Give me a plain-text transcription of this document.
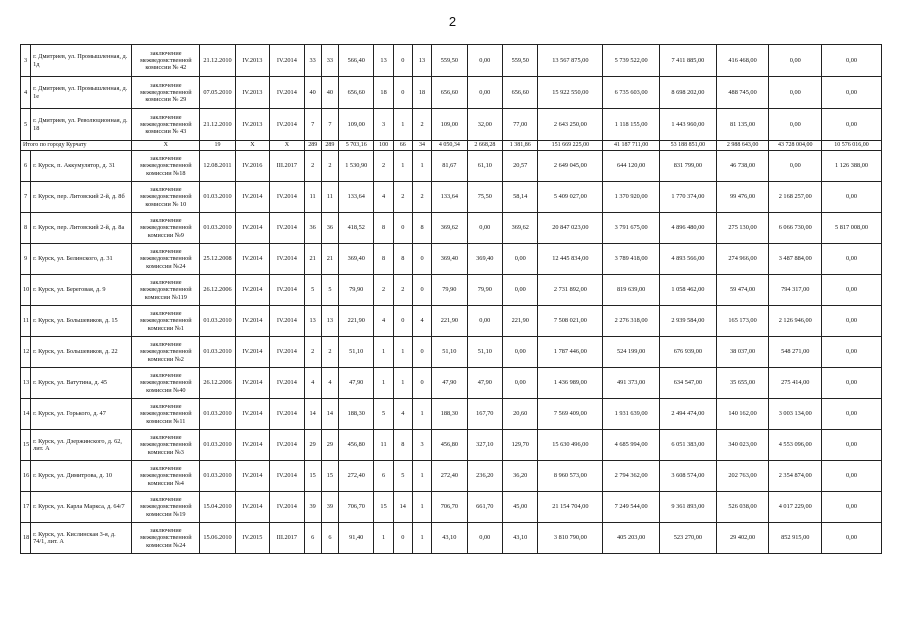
2
3	г. Дмитриев, ул. Промышленная, д. 1д	заключение межведомственной комиссии № 42	21.12.2010	IV.2013	IV.2014	33	33	566,40	13	0	13	559,50	0,00	559,50	13 567 875,00	5 739 522,00	7 411 885,00	416 468,00	0,00	0,00
4	г. Дмитриев, ул. Промышленная, д. 1е	заключение межведомственной комиссии № 29	07.05.2010	IV.2013	IV.2014	40	40	656,60	18	0	18	656,60	0,00	656,60	15 922 550,00	6 735 603,00	8 698 202,00	488 745,00	0,00	0,00
5	г. Дмитриев, ул. Революционная, д. 18	заключение межведомственной комиссии № 43	21.12.2010	IV.2013	IV.2014	7	7	109,00	3	1	2	109,00	32,00	77,00	2 643 250,00	1 118 155,00	1 443 960,00	81 135,00	0,00	0,00
Итого по городу Курчату		X	19	X	X	289	289	5 703,16	100	66	34	4 050,34	2 668,28	1 381,86	151 669 225,00	41 187 711,00	53 188 851,00	2 988 643,00	43 728 004,00	10 576 016,00
6	г. Курск, п. Аккумулятор, д. 31	заключение межведомственной комиссии №18	12.08.2011	IV.2016	III.2017	2	2	1 530,90	2	1	1	81,67	61,10	20,57	2 649 045,00	644 120,00	831 799,00	46 738,00	0,00	1 126 388,00
7	г. Курск, пер. Литовский 2-й, д. 8б	заключение межведомственной комиссии № 10	01.03.2010	IV.2014	IV.2014	11	11	133,64	4	2	2	133,64	75,50	58,14	5 409 027,00	1 370 920,00	1 770 374,00	99 476,00	2 168 257,00	0,00
8	г. Курск, пер. Литовский 2-й, д. 8а	заключение межведомственной комиссии №9	01.03.2010	IV.2014	IV.2014	36	36	418,52	8	0	8	369,62	0,00	369,62	20 847 023,00	3 791 675,00	4 896 480,00	275 130,00	6 066 730,00	5 817 008,00
9	г. Курск, ул. Белинского, д. 31	заключение межведомственной комиссии №24	25.12.2008	IV.2014	IV.2014	21	21	369,40	8	8	0	369,40	369,40	0,00	12 445 834,00	3 789 418,00	4 893 566,00	274 966,00	3 487 884,00	0,00
10	г. Курск, ул. Береговая, д. 9	заключение межведомственной комиссии №119	26.12.2006	IV.2014	IV.2014	5	5	79,90	2	2	0	79,90	79,90	0,00	2 731 892,00	819 639,00	1 058 462,00	59 474,00	794 317,00	0,00
11	г. Курск, ул. Большевиков, д. 15	заключение межведомственной комиссии №1	01.03.2010	IV.2014	IV.2014	13	13	221,90	4	0	4	221,90	0,00	221,90	7 508 021,00	2 276 318,00	2 939 584,00	165 173,00	2 126 946,00	0,00
12	г. Курск, ул. Большевиков, д. 22	заключение межведомственной комиссии №2	01.03.2010	IV.2014	IV.2014	2	2	51,10	1	1	0	51,10	51,10	0,00	1 787 446,00	524 199,00	676 939,00	38 037,00	548 271,00	0,00
13	г. Курск, ул. Ватутина, д. 45	заключение межведомственной комиссии №40	26.12.2006	IV.2014	IV.2014	4	4	47,90	1	1	0	47,90	47,90	0,00	1 436 989,00	491 373,00	634 547,00	35 655,00	275 414,00	0,00
14	г. Курск, ул. Горького, д. 47	заключение межведомственной комиссии №11	01.03.2010	IV.2014	IV.2014	14	14	188,30	5	4	1	188,30	167,70	20,60	7 569 409,00	1 931 639,00	2 494 474,00	140 162,00	3 003 134,00	0,00
15	г. Курск, ул. Дзержинского, д. 62, лит. А	заключение межведомственной комиссии №3	01.03.2010	IV.2014	IV.2014	29	29	456,80	11	8	3	456,80	327,10	129,70	15 630 496,00	4 685 994,00	6 051 383,00	340 023,00	4 553 096,00	0,00
16	г. Курск, ул. Димитрова, д. 10	заключение межведомственной комиссии №4	01.03.2010	IV.2014	IV.2014	15	15	272,40	6	5	1	272,40	236,20	36,20	8 960 573,00	2 794 362,00	3 608 574,00	202 763,00	2 354 874,00	0,00
17	г. Курск, ул. Карла Маркса, д. 64/7	заключение межведомственной комиссии №19	15.04.2010	IV.2014	IV.2014	39	39	706,70	15	14	1	706,70	661,70	45,00	21 154 704,00	7 249 544,00	9 361 893,00	526 038,00	4 017 229,00	0,00
18	г. Курск, ул. Кислинская 3-я, д. 74/1, лит. А	заключение межведомственной комиссии №24	15.06.2010	IV.2015	III.2017	6	6	91,40	1	0	1	43,10	0,00	43,10	3 810 790,00	405 203,00	523 270,00	29 402,00	852 915,00	0,00
